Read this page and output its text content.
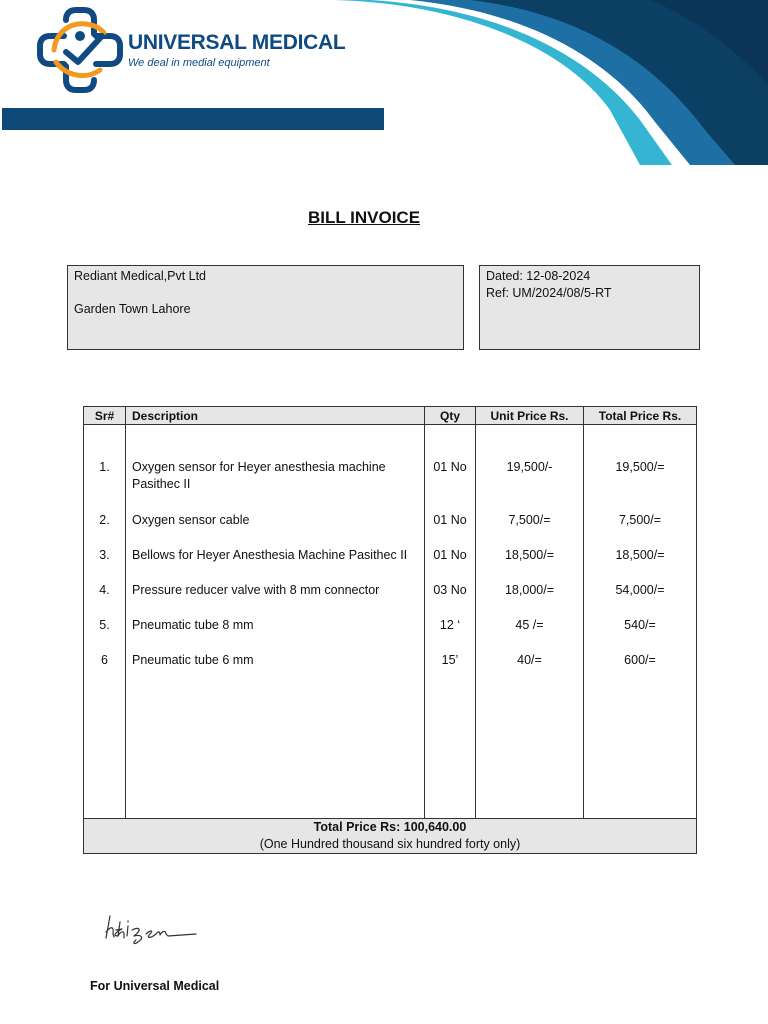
UNIVERSAL MEDICAL
We deal in medial equipment
BILL INVOICE
Rediant Medical,Pvt Ltd
Garden Town Lahore
Dated: 12-08-2024
Ref: UM/2024/08/5-RT
Sr#	Description	Qty	Unit Price Rs.	Total Price Rs.

1.	Oxygen sensor for Heyer anesthesia machine Pasithec II	01 No	19,500/-	19,500/=
2.	Oxygen sensor cable	01 No	7,500/=	7,500/=
3.	Bellows for Heyer Anesthesia Machine Pasithec II	01 No	18,500/=	18,500/=
4.	Pressure reducer valve with 8 mm connector	03 No	18,000/=	54,000/=
5.	Pneumatic tube 8 mm	12 ‘	45 /=	540/=
6	Pneumatic tube 6 mm	15’	40/=	600/=

Total Price Rs: 100,640.00
(One Hundred thousand six hundred forty only)				
For Universal Medical
